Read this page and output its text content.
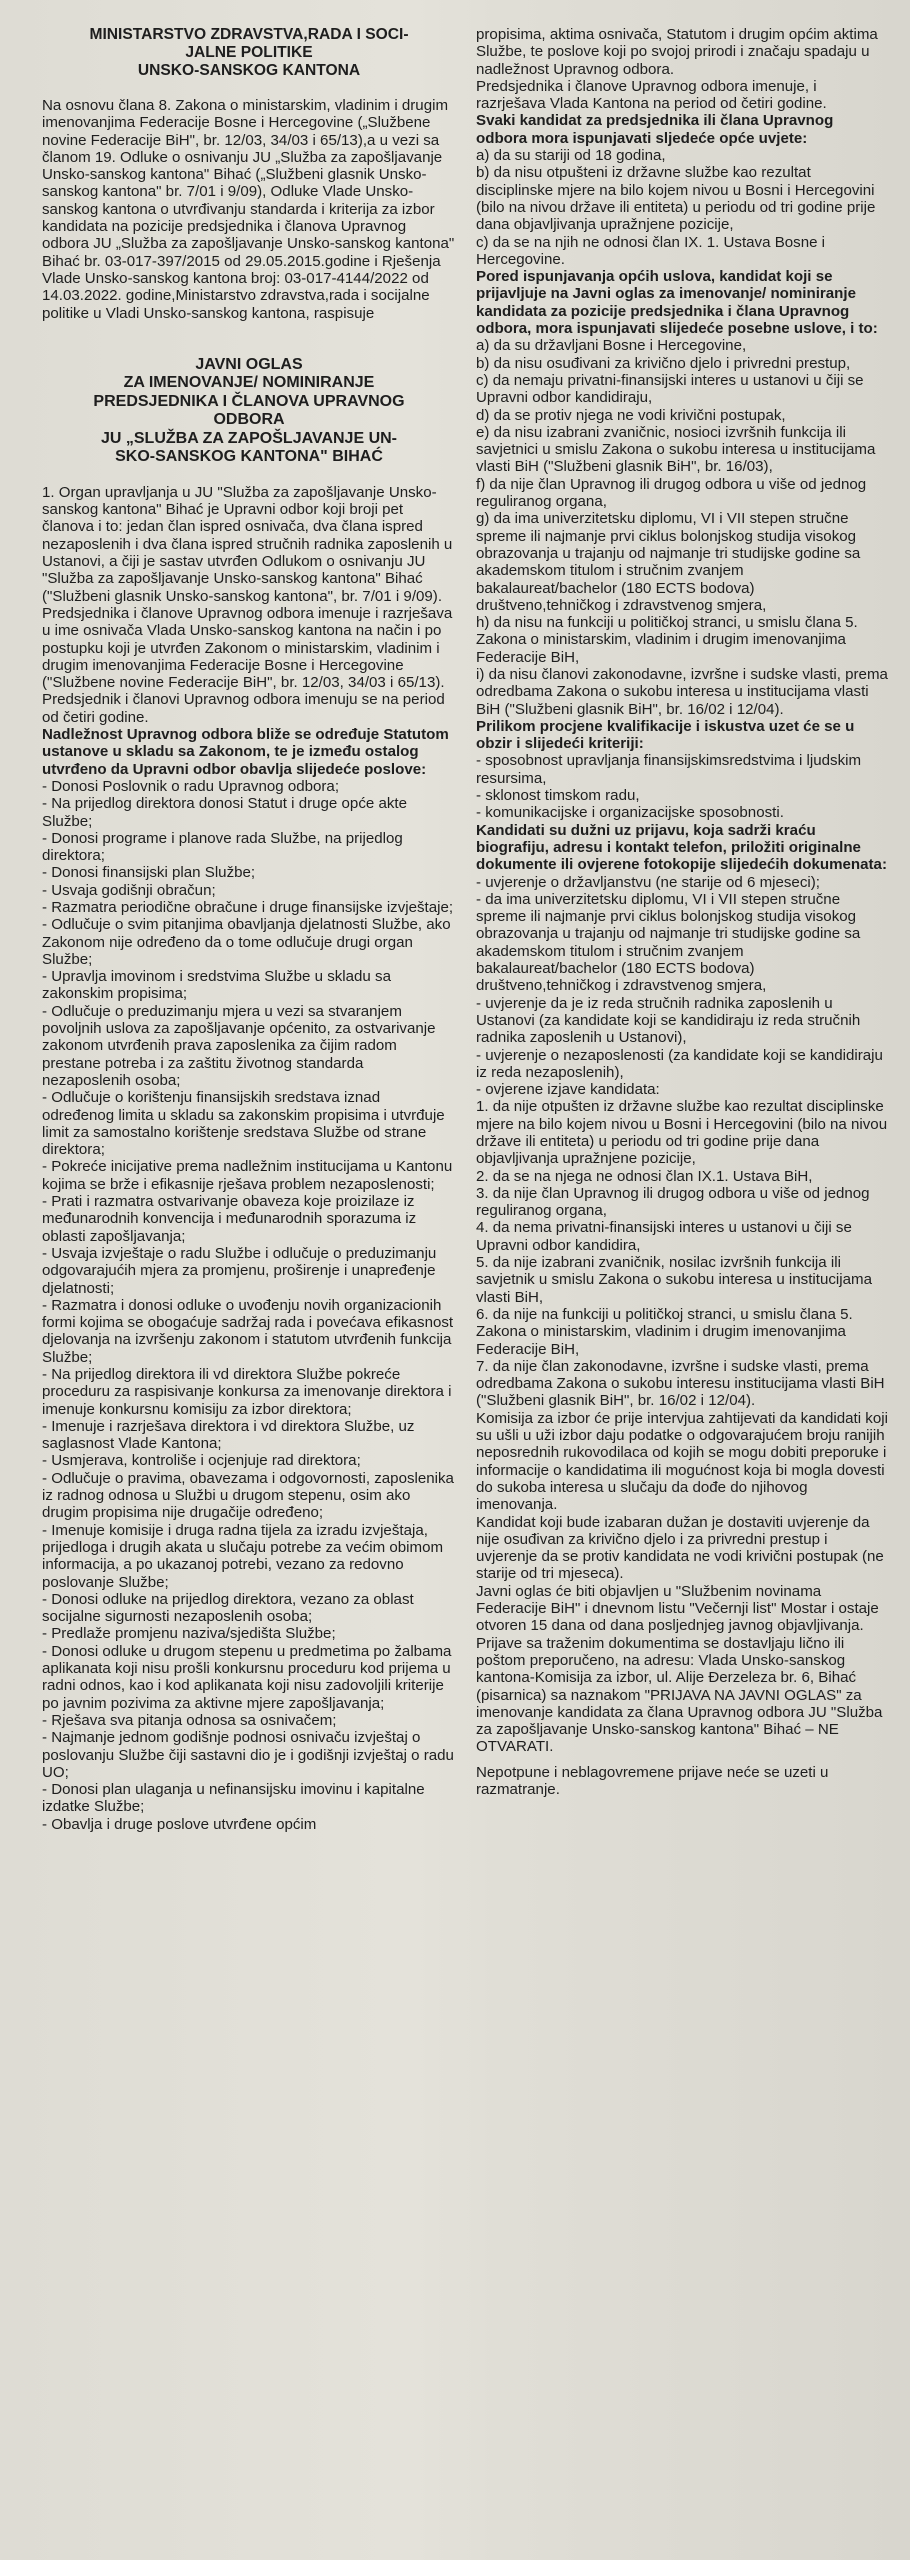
MINISTARSTVO ZDRAVSTVA,RADA I SOCI-

JALNE POLITIKE

UNSKO-SANSKOG KANTONA

Na osnovu člana 8. Zakona o ministarskim, vladinim i drugim imenovanjima Federacije Bosne i Hercegovine („Službene novine Federacije BiH", br. 12/03, 34/03 i 65/13),a u vezi sa članom 19. Odluke o osnivanju JU „Služba za zapošljavanje Unsko-sanskog kantona" Bihać („Službeni glasnik Unsko-sanskog kantona" br. 7/01 i 9/09), Odluke Vlade Unsko-sanskog kantona o utvrđivanju standarda i kriterija za izbor kandidata na pozicije predsjednika i članova Upravnog odbora JU „Služba za zapošljavanje Unsko-sanskog kantona" Bihać br. 03-017-397/2015 od 29.05.2015.godine i Rješenja Vlade Unsko-sanskog kantona broj: 03-017-4144/2022 od 14.03.2022. godine,Ministarstvo zdravstva,rada i socijalne politike u Vladi Unsko-sanskog kantona, raspisuje

JAVNI OGLAS

ZA IMENOVANJE/ NOMINIRANJE

PREDSJEDNIKA I ČLANOVA UPRAVNOG

ODBORA

JU „SLUŽBA ZA ZAPOŠLJAVANJE UN-

SKO-SANSKOG KANTONA" BIHAĆ

1. Organ upravljanja u JU "Služba za zapošljavanje Unsko-sanskog kantona" Bihać je Upravni odbor koji broji pet članova i to: jedan član ispred osnivača, dva člana ispred nezaposlenih i dva člana ispred stručnih radnika zaposlenih u Ustanovi, a čiji je sastav utvrđen Odlukom o osnivanju JU "Služba za zapošljavanje Unsko-sanskog kantona" Bihać ("Službeni glasnik Unsko-sanskog kantona", br. 7/01 i 9/09).

Predsjednika i članove Upravnog odbora imenuje i razrješava u ime osnivača Vlada Unsko-sanskog kantona na način i po postupku koji je utvrđen Zakonom o ministarskim, vladinim i drugim imenovanjima Federacije Bosne i Hercegovine ("Službene novine Federacije BiH", br. 12/03, 34/03 i 65/13).

Predsjednik i članovi Upravnog odbora imenuju se na period od četiri godine.

Nadležnost Upravnog odbora bliže se određuje Statutom ustanove u skladu sa Zakonom, te je između ostalog utvrđeno da Upravni odbor obavlja slijedeće poslove:

- Donosi Poslovnik o radu Upravnog odbora;

- Na prijedlog direktora donosi Statut i druge opće akte Službe;

- Donosi programe i planove rada Službe, na prijedlog direktora;

- Donosi finansijski plan Službe;

- Usvaja godišnji obračun;

- Razmatra periodične obračune i druge finansijske izvještaje;

- Odlučuje o svim pitanjima obavljanja djelatnosti Službe, ako Zakonom nije određeno da o tome odlučuje drugi organ Službe;

- Upravlja imovinom i sredstvima Službe u skladu sa zakonskim propisima;

- Odlučuje o preduzimanju mjera u vezi sa stvaranjem povoljnih uslova za zapošljavanje općenito, za ostvarivanje zakonom utvrđenih prava zaposlenika za čijim radom prestane potreba i za zaštitu životnog standarda nezaposlenih osoba;

- Odlučuje o korištenju finansijskih sredstava iznad određenog limita u skladu sa zakonskim propisima i utvrđuje limit za samostalno korištenje sredstava Službe od strane direktora;

- Pokreće inicijative prema nadležnim institucijama u Kantonu kojima se brže i efikasnije rješava problem nezaposlenosti;

- Prati i razmatra ostvarivanje obaveza koje proizilaze iz međunarodnih konvencija i međunarodnih sporazuma iz oblasti zapošljavanja;

- Usvaja izvještaje o radu Službe i odlučuje o preduzimanju odgovarajućih mjera za promjenu, proširenje i unapređenje djelatnosti;

- Razmatra i donosi odluke o uvođenju novih organizacionih formi kojima se obogaćuje sadržaj rada i povećava efikasnost djelovanja na izvršenju zakonom i statutom utvrđenih funkcija Službe;

- Na prijedlog direktora ili vd direktora Službe pokreće proceduru za raspisivanje konkursa za imenovanje direktora i imenuje konkursnu komisiju za izbor direktora;

- Imenuje i razrješava direktora i vd direktora Službe, uz saglasnost Vlade Kantona;

- Usmjerava, kontroliše i ocjenjuje rad direktora;

- Odlučuje o pravima, obavezama i odgovornosti, zaposlenika iz radnog odnosa u Službi u drugom stepenu, osim ako drugim propisima nije drugačije određeno;

- Imenuje komisije i druga radna tijela za izradu izvještaja, prijedloga i drugih akata u slučaju potrebe za većim obimom informacija, a po ukazanoj potrebi, vezano za redovno poslovanje Službe;

- Donosi odluke na prijedlog direktora, vezano za oblast socijalne sigurnosti nezaposlenih osoba;

- Predlaže promjenu naziva/sjedišta Službe;

- Donosi odluke u drugom stepenu u predmetima po žalbama aplikanata koji nisu prošli konkursnu proceduru kod prijema u radni odnos, kao i kod aplikanata koji nisu zadovoljili kriterije po javnim pozivima za aktivne mjere zapošljavanja;

- Rješava sva pitanja odnosa sa osnivačem;

- Najmanje jednom godišnje podnosi osnivaču izvještaj o poslovanju Službe čiji sastavni dio je i godišnji izvještaj o radu UO;

- Donosi plan ulaganja u nefinansijsku imovinu i kapitalne izdatke Službe;

- Obavlja i druge poslove utvrđene općim

propisima, aktima osnivača, Statutom i drugim općim aktima Službe, te poslove koji po svojoj prirodi i značaju spadaju u nadležnost Upravnog odbora.

Predsjednika i članove Upravnog odbora imenuje, i razrješava Vlada Kantona na period od četiri godine.

Svaki kandidat za predsjednika ili člana Upravnog odbora mora ispunjavati sljedeće opće uvjete:

a) da su stariji od 18 godina,

b) da nisu otpušteni iz državne službe kao rezultat disciplinske mjere na bilo kojem nivou u Bosni i Hercegovini (bilo na nivou države ili entiteta) u periodu od tri godine prije dana objavljivanja upražnjene pozicije,

c) da se na njih ne odnosi član IX. 1. Ustava Bosne i Hercegovine.

Pored ispunjavanja općih uslova, kandidat koji se prijavljuje na Javni oglas za imenovanje/ nominiranje kandidata za pozicije predsjednika i člana Upravnog odbora, mora ispunjavati slijedeće posebne uslove, i to:

a) da su državljani Bosne i Hercegovine,

b) da nisu osuđivani za krivično djelo i privredni prestup,

c) da nemaju privatni-finansijski interes u ustanovi u čiji se Upravni odbor kandidiraju,

d) da se protiv njega ne vodi krivični postupak,

e) da nisu izabrani zvaničnic, nosioci izvršnih funkcija ili savjetnici u smislu Zakona o sukobu interesa u institucijama vlasti BiH ("Službeni glasnik BiH", br. 16/03),

f) da nije član Upravnog ili drugog odbora u više od jednog reguliranog organa,

g) da ima univerzitetsku diplomu, VI i VII stepen stručne spreme ili najmanje prvi ciklus bolonjskog studija visokog obrazovanja u trajanju od najmanje tri studijske godine sa akademskom titulom i stručnim zvanjem bakalaureat/bachelor (180 ECTS bodova) društveno,tehničkog i zdravstvenog smjera,

h) da nisu na funkciji u političkoj stranci, u smislu člana 5. Zakona o ministarskim, vladinim i drugim imenovanjima Federacije BiH,

i) da nisu članovi zakonodavne, izvršne i sudske vlasti, prema odredbama Zakona o sukobu interesa u institucijama vlasti BiH ("Službeni glasnik BiH", br. 16/02 i 12/04).

Prilikom procjene kvalifikacije i iskustva uzet će se u obzir i slijedeći kriteriji:

- sposobnost upravljanja finansijskimsredstvima i ljudskim resursima,

- sklonost timskom radu,

- komunikacijske i organizacijske sposobnosti.

Kandidati su dužni uz prijavu, koja sadrži kraću biografiju, adresu i kontakt telefon, priložiti originalne dokumente ili ovjerene fotokopije slijedećih dokumenata:

- uvjerenje o državljanstvu (ne starije od 6 mjeseci);

- da ima univerzitetsku diplomu, VI i VII stepen stručne spreme ili najmanje prvi ciklus bolonjskog studija visokog obrazovanja u trajanju od najmanje tri studijske godine sa akademskom titulom i stručnim zvanjem bakalaureat/bachelor (180 ECTS bodova) društveno,tehničkog i zdravstvenog smjera,

- uvjerenje da je iz reda stručnih radnika zaposlenih u Ustanovi (za kandidate koji se kandidiraju iz reda stručnih radnika zaposlenih u Ustanovi),

- uvjerenje o nezaposlenosti (za kandidate koji se kandidiraju iz reda nezaposlenih),

- ovjerene izjave kandidata:

1. da nije otpušten iz državne službe kao rezultat disciplinske mjere na bilo kojem nivou u Bosni i Hercegovini (bilo na nivou države ili entiteta) u periodu od tri godine prije dana objavljivanja upražnjene pozicije,

2. da se na njega ne odnosi član IX.1. Ustava BiH,

3. da nije član Upravnog ili drugog odbora u više od jednog reguliranog organa,

4. da nema privatni-finansijski interes u ustanovi u čiji se Upravni odbor kandidira,

5. da nije izabrani zvaničnik, nosilac izvršnih funkcija ili savjetnik u smislu Zakona o sukobu interesa u institucijama vlasti BiH,

6. da nije na funkciji u političkoj stranci, u smislu člana 5. Zakona o ministarskim, vladinim i drugim imenovanjima Federacije BiH,

7. da nije član zakonodavne, izvršne i sudske vlasti, prema odredbama Zakona o sukobu interesu institucijama vlasti BiH ("Službeni glasnik BiH", br. 16/02 i 12/04).

Komisija za izbor će prije intervjua zahtijevati da kandidati koji su ušli u uži izbor daju podatke o odgovarajućem broju ranijih neposrednih rukovodilaca od kojih se mogu dobiti preporuke i informacije o kandidatima ili mogućnost koja bi mogla dovesti do sukoba interesa u slučaju da dođe do njihovog imenovanja.

Kandidat koji bude izabaran dužan je dostaviti uvjerenje da nije osuđivan za krivično djelo i za privredni prestup i uvjerenje da se protiv kandidata ne vodi krivični postupak (ne starije od tri mjeseca).

Javni oglas će biti objavljen u "Službenim novinama Federacije BiH" i dnevnom listu "Večernji list" Mostar i ostaje otvoren 15 dana od dana posljednjeg javnog objavljivanja. Prijave sa traženim dokumentima se dostavljaju lično ili poštom preporučeno, na adresu: Vlada Unsko-sanskog kantona-Komisija za izbor, ul. Alije Đerzeleza br. 6, Bihać (pisarnica) sa naznakom "PRIJAVA NA JAVNI OGLAS" za imenovanje kandidata za člana Upravnog odbora JU "Služba za zapošljavanje Unsko-sanskog kantona" Bihać – NE OTVARATI.

Nepotpune i neblagovremene prijave neće se uzeti u razmatranje.
